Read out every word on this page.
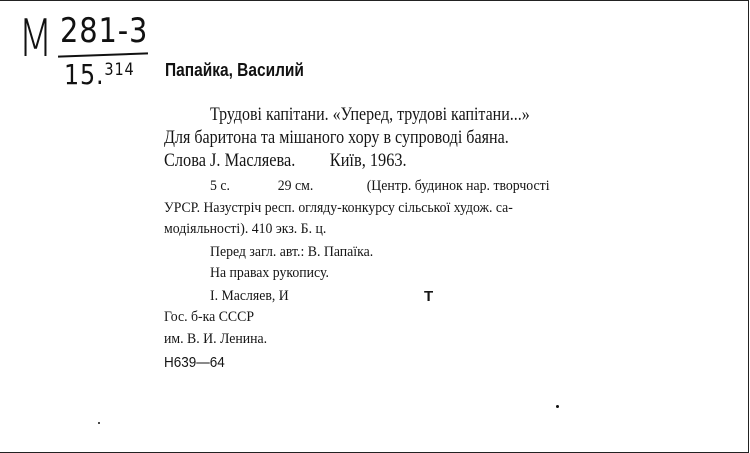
М 281-3
15.$^{314}$ Папайка, Василий
Трудові капітани. «Уперед, трудові капітани...»
Для баритона та мішаного хору в супроводі баяна.
Слова J. Масляева. Київ, 1963.
5 с.	29 см.	(Центр. будинок нар. творчості
УРСР. Назустріч респ. огляду-конкурсу сільської худож. са-
модіяльності). 410 экз. Б. ц.
Перед загл. авт.: В. Папаїка.
На правах рукопису.
I. Масляев, И	Т
Гос. б-ка СССР
им. В. И. Ленина.
Н639—64
